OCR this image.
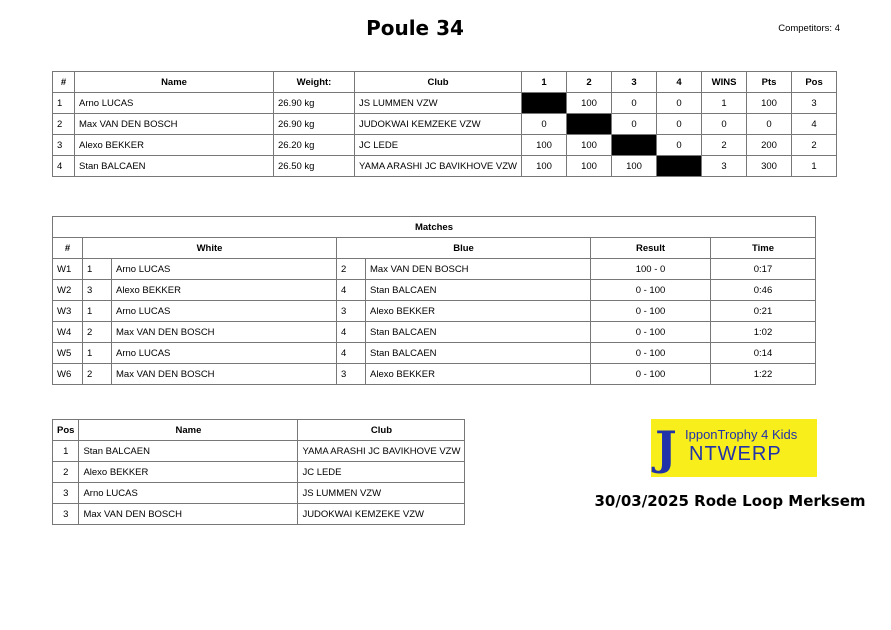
Poule 34	Competitors: 4
#	Name	Weight:	Club	1	2	3	4	WINS	Pts	Pos
1	Arno LUCAS	26.90 kg	JS LUMMEN VZW		100	0	0	1	100	3
2	Max VAN DEN BOSCH	26.90 kg	JUDOKWAI KEMZEKE VZW	0		0	0	0	0	4
3	Alexo BEKKER	26.20 kg	JC LEDE	100	100		0	2	200	2
4	Stan BALCAEN	26.50 kg	YAMA ARASHI JC BAVIKHOVE VZW	100	100	100		3	300	1
Matches						
#	White		Blue		Result	Time
W1	1	Arno LUCAS	2	Max VAN DEN BOSCH	100 - 0	0:17
W2	3	Alexo BEKKER	4	Stan BALCAEN	0 - 100	0:46
W3	1	Arno LUCAS	3	Alexo BEKKER	0 - 100	0:21
W4	2	Max VAN DEN BOSCH	4	Stan BALCAEN	0 - 100	1:02
W5	1	Arno LUCAS	4	Stan BALCAEN	0 - 100	0:14
W6	2	Max VAN DEN BOSCH	3	Alexo BEKKER	0 - 100	1:22
Pos	Name	Club
1	Stan BALCAEN	YAMA ARASHI JC BAVIKHOVE VZW
2	Alexo BEKKER	JC LEDE
3	Arno LUCAS	JS LUMMEN VZW
3	Max VAN DEN BOSCH	JUDOKWAI KEMZEKE VZW
J IpponTrophy 4 Kids
NTWERP
30/03/2025 Rode Loop Merksem
